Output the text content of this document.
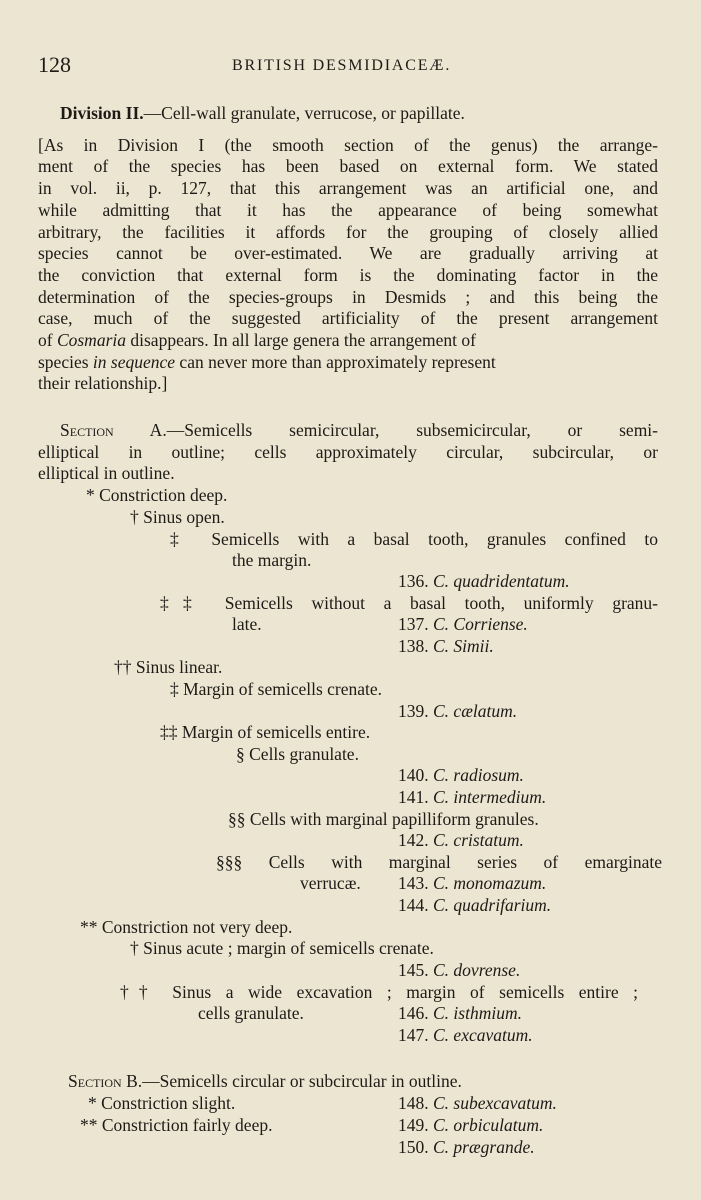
128	BRITISH DESMIDIACEÆ.
Division II.—Cell-wall granulate, verrucose, or papillate.
[As in Division I (the smooth section of the genus) the arrange-
ment of the species has been based on external form. We stated
in vol. ii, p. 127, that this arrangement was an artificial one, and
while admitting that it has the appearance of being somewhat
arbitrary, the facilities it affords for the grouping of closely allied
species cannot be over-estimated. We are gradually arriving at
the conviction that external form is the dominating factor in the
determination of the species-groups in Desmids ; and this being the
case, much of the suggested artificiality of the present arrangement
of Cosmaria disappears. In all large genera the arrangement of
species in sequence can never more than approximately represent
their relationship.]
Section A.—Semicells semicircular, subsemicircular, or semi-
elliptical in outline; cells approximately circular, subcircular, or
elliptical in outline.
* Constriction deep.
† Sinus open.
‡ Semicells with a basal tooth, granules confined to
the margin.
136. C. quadridentatum.
‡‡ Semicells without a basal tooth, uniformly granu-
late.	137. C. Corriense.
138. C. Simii.
†† Sinus linear.
‡ Margin of semicells crenate.
139. C. cælatum.
‡‡ Margin of semicells entire.
§ Cells granulate.
140. C. radiosum.
141. C. intermedium.
§§ Cells with marginal papilliform granules.
142. C. cristatum.
§§§ Cells with marginal series of emarginate
verrucæ. 143. C. monomazum.
144. C. quadrifarium.
** Constriction not very deep.
† Sinus acute ; margin of semicells crenate.
145. C. dovrense.
†† Sinus a wide excavation ; margin of semicells entire ;
cells granulate.	146. C. isthmium.
147. C. excavatum.
Section B.—Semicells circular or subcircular in outline.
* Constriction slight.	148. C. subexcavatum.
** Constriction fairly deep.	149. C. orbiculatum.
150. C. prægrande.
